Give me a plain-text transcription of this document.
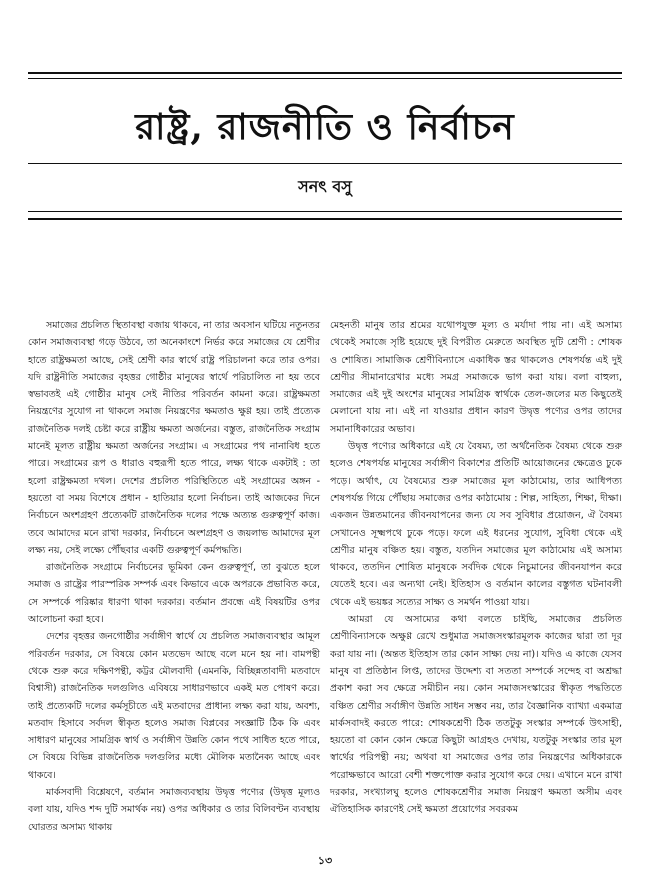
রাষ্ট্র, রাজনীতি ও নির্বাচন
সনৎ বসু

সমাজের প্রচলিত স্থিতাবস্থা বজায় থাকবে, না তার অবসান ঘটিয়ে নতুনতর কোন সমাজব্যবস্থা গড়ে উঠবে, তা অনেকাংশে নির্ভর করে সমাজের যে শ্রেণীর হাতে রাষ্ট্রক্ষমতা আছে, সেই শ্রেণী কার স্বার্থে রাষ্ট্র পরিচালনা করে তার ওপর। যদি রাষ্ট্রনীতি সমাজের বৃহত্তর গোষ্ঠীর মানুষের স্বার্থে পরিচালিত না হয় তবে স্বভাবতই এই গোষ্ঠীর মানুষ সেই নীতির পরিবর্তন কামনা করে। রাষ্ট্রক্ষমতা নিয়ন্ত্রণের সুযোগ না থাকলে সমাজ নিয়ন্ত্রণের ক্ষমতাও ক্ষুণ্ণ হয়। তাই প্রত্যেক রাজনৈতিক দলই চেষ্টা করে রাষ্ট্রীয় ক্ষমতা অর্জনের। বস্তুত, রাজনৈতিক সংগ্রাম মানেই মূলত রাষ্ট্রীয় ক্ষমতা অর্জনের সংগ্রাম। এ সংগ্রামের পথ নানাবিধ হতে পারে। সংগ্রামের রূপ ও ধারাও বহুরূপী হতে পারে, লক্ষ্য থাকে একটাই : তা হলো রাষ্ট্রক্ষমতা দখল। দেশের প্রচলিত পরিস্থিতিতে এই সংগ্রামের অঙ্গন - হয়তো বা সময় বিশেষে প্রধান - হাতিয়ার হলো নির্বাচন। তাই আজকের দিনে নির্বাচনে অংশগ্রহণ প্রত্যেকটি রাজনৈতিক দলের পক্ষে অত্যন্ত গুরুত্বপূর্ণ কাজ। তবে আমাদের মনে রাখা দরকার, নির্বাচনে অংশগ্রহণ ও জয়লাভ আমাদের মূল লক্ষ্য নয়, সেই লক্ষ্যে পৌঁছবার একটি গুরুত্বপূর্ণ কর্মপদ্ধতি।

রাজনৈতিক সংগ্রামে নির্বাচনের ভূমিকা কেন গুরুত্বপূর্ণ, তা বুঝতে হলে সমাজ ও রাষ্ট্রের পারস্পরিক সম্পর্ক এবং কিভাবে একে অপরকে প্রভাবিত করে, সে সম্পর্কে পরিষ্কার ধারণা থাকা দরকার। বর্তমান প্রবন্ধে এই বিষয়টির ওপর আলোচনা করা হবে।

দেশের বৃহত্তর জনগোষ্ঠীর সর্বাঙ্গীণ স্বার্থে যে প্রচলিত সমাজব্যবস্থার আমূল পরিবর্তন দরকার, সে বিষয়ে কোন মতভেদ আছে বলে মনে হয় না। বামপন্থী থেকে শুরু করে দক্ষিণপন্থী, কট্টর মৌলবাদী (এমনকি, বিচ্ছিন্নতাবাদী মতবাদে বিশ্বাসী) রাজনৈতিক দলগুলিও এবিষয়ে সাধারণভাবে একই মত পোষণ করে। তাই প্রত্যেকটি দলের কর্মসূচীতে এই মতবাদের প্রাধান্য লক্ষ্য করা যায়, অবশ্য, মতবাদ হিসাবে সর্বদল স্বীকৃত হলেও সমাজ বিপ্লবের সংজ্ঞাটি ঠিক কি এবং সাধারণ মানুষের সামগ্রিক স্বার্থ ও সর্বাঙ্গীণ উন্নতি কোন পথে সাধিত হতে পারে, সে বিষয়ে বিভিন্ন রাজনৈতিক দলগুলির মধ্যে মৌলিক মতানৈক্য আছে এবং থাকবে।

মার্কসবাদী বিশ্লেষণে, বর্তমান সমাজব্যবস্থায় উদ্বৃত্ত পণ্যের (উদ্বৃত্ত মূল্যও বলা যায়, যদিও শব্দ দুটি সমার্থক নয়) ওপর অধিকার ও তার বিলিবণ্টন ব্যবস্থায় ঘোরতর অসাম্য থাকায়

মেহনতী মানুষ তার শ্রমের যথোপযুক্ত মূল্য ও মর্যাদা পায় না। এই অসাম্য থেকেই সমাজে সৃষ্টি হয়েছে দুই বিপরীত মেরুতে অবস্থিত দুটি শ্রেণী : শোষক ও শোষিত। সামাজিক শ্রেণীবিন্যাসে একাধিক স্তর থাকলেও শেষপর্যন্ত এই দুই শ্রেণীর সীমানারেখার মধ্যে সমগ্র সমাজকে ভাগ করা যায়। বলা বাহুল্য, সমাজের এই দুই অংশের মানুষের সামগ্রিক স্বার্থকে তেল-জলের মত কিছুতেই মেলানো যায় না। এই না যাওয়ার প্রধান কারণ উদ্বৃত্ত পণ্যের ওপর তাদের সমানাধিকারের অভাব।

উদ্বৃত্ত পণ্যের অধিকারে এই যে বৈষম্য, তা অর্থনৈতিক বৈষম্য থেকে শুরু হলেও শেষপর্যন্ত মানুষের সর্বাঙ্গীণ বিকাশের প্রতিটি আয়োজনের ক্ষেত্রেও ঢুকে পড়ে। অর্থাৎ, যে বৈষম্যের শুরু সমাজের মূল কাঠামোয়, তার আধিপত্য শেষপর্যন্ত গিয়ে পৌঁছায় সমাজের ওপর কাঠামোয় : শিল্প, সাহিত্য, শিক্ষা, দীক্ষা। একজন উন্নতমানের জীবনযাপনের জন্য যে সব সুবিধার প্রয়োজন, ঐ বৈষম্য সেখানেও সূক্ষ্মপথে ঢুকে পড়ে। ফলে এই ধরনের সুযোগ, সুবিধা থেকে এই শ্রেণীর মানুষ বঞ্চিত হয়। বস্তুত, যতদিন সমাজের মূল কাঠামোয় এই অসাম্য থাকবে, ততদিন শোষিত মানুষকে সর্বদিক থেকে নিচুমানের জীবনযাপন করে যেতেই হবে। এর অন্যথা নেই। ইতিহাস ও বর্তমান কালের বস্তুগত ঘটনাবলী থেকে এই ভয়ঙ্কর সত্যের সাক্ষ্য ও সমর্থন পাওয়া যায়।

আমরা যে অসাম্যের কথা বলতে চাইছি, সমাজের প্রচলিত শ্রেণীবিন্যাসকে অক্ষুণ্ণ রেখে শুধুমাত্র সমাজসংস্কারমূলক কাজের দ্বারা তা দূর করা যায় না। (অন্তত ইতিহাস তার কোন সাক্ষ্য দেয় না)। যদিও এ কাজে যেসব মানুষ বা প্রতিষ্ঠান লিপ্ত, তাদের উদ্দেশ্য বা সততা সম্পর্কে সন্দেহ বা অশ্রদ্ধা প্রকাশ করা সব ক্ষেত্রে সমীচীন নয়। কোন সমাজসংস্কারের স্বীকৃত পদ্ধতিতে বঞ্চিত শ্রেণীর সর্বাঙ্গীণ উন্নতি সাধন সম্ভব নয়, তার বৈজ্ঞানিক ব্যাখ্যা একমাত্র মার্কসবাদই করতে পারে: শোষকশ্রেণী ঠিক ততটুকু সংস্কার সম্পর্কে উৎসাহী, হয়তো বা কোন কোন ক্ষেত্রে কিছুটা আগ্রহও দেখায়, যতটুকু সংস্কার তার মূল স্বার্থের পরিপন্থী নয়; অথবা যা সমাজের ওপর তার নিয়ন্ত্রণের অধিকারকে পরোক্ষভাবে আরো বেশী শক্তপোক্ত করার সুযোগ করে দেয়। এখানে মনে রাখা দরকার, সংখ্যালঘু হলেও শোষকশ্রেণীর সমাজ নিয়ন্ত্রণ ক্ষমতা অসীম এবং ঐতিহাসিক কারণেই সেই ক্ষমতা প্রয়োগের সবরকম

১৩
